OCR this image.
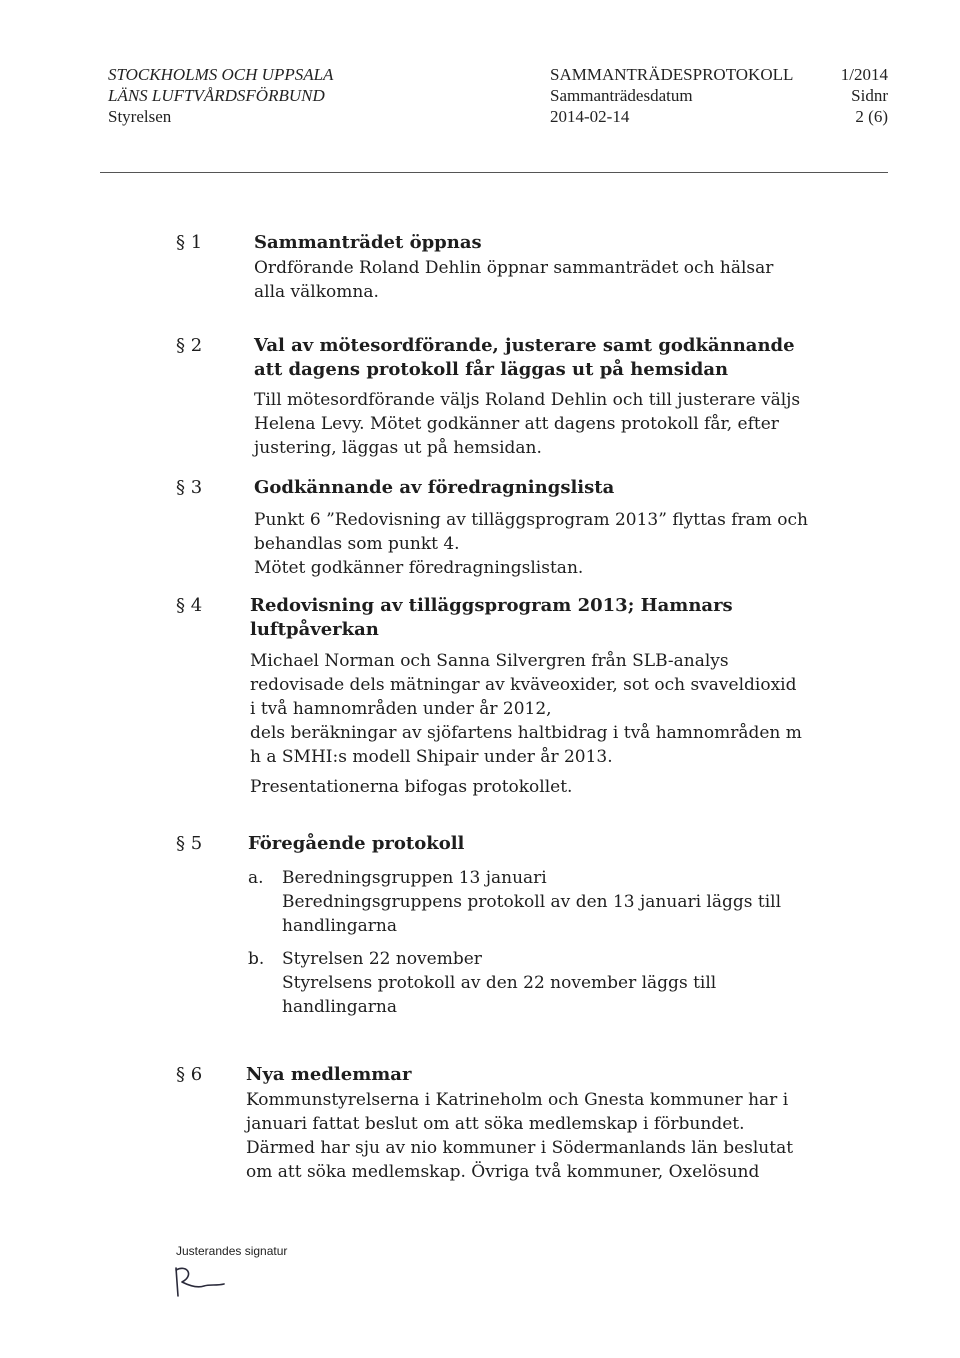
STOCKHOLMS OCH UPPSALA
LÄNS LUFTVÅRDSFÖRBUND
Styrelsen
SAMMANTRÄDESPROTOKOLL
Sammanträdesdatum
2014-02-14
1/2014
Sidnr
2 (6)
§ 1	Sammanträdet öppnas

Ordförande Roland Dehlin öppnar sammanträdet och hälsar

alla välkomna.

§ 2	Val av mötesordförande, justerare samt godkännande
att dagens protokoll får läggas ut på hemsidan

Till mötesordförande väljs Roland Dehlin och till justerare väljs

Helena Levy. Mötet godkänner att dagens protokoll får, efter

justering, läggas ut på hemsidan.

§ 3	Godkännande av föredragningslista

Punkt 6 ”Redovisning av tilläggsprogram 2013” flyttas fram och

behandlas som punkt 4.

Mötet godkänner föredragningslistan.

§ 4	Redovisning av tilläggsprogram 2013; Hamnars
luftpåverkan

Michael Norman och Sanna Silvergren från SLB-analys

redovisade dels mätningar av kväveoxider, sot och svaveldioxid

i två hamnområden under år 2012,

dels beräkningar av sjöfartens haltbidrag i två hamnområden m

h a SMHI:s modell Shipair under år 2013.

Presentationerna bifogas protokollet.
§ 5	Föregående protokoll
a. Beredningsgruppen 13 januari
Beredningsgruppens protokoll av den 13 januari läggs till
handlingarna
b. Styrelsen 22 november
Styrelsens protokoll av den 22 november läggs till
handlingarna
§ 6 Nya medlemmar

Kommunstyrelserna i Katrineholm och Gnesta kommuner har i

januari fattat beslut om att söka medlemskap i förbundet.

Därmed har sju av nio kommuner i Södermanlands län beslutat

om att söka medlemskap. Övriga två kommuner, Oxelösund

Justerandes signatur
